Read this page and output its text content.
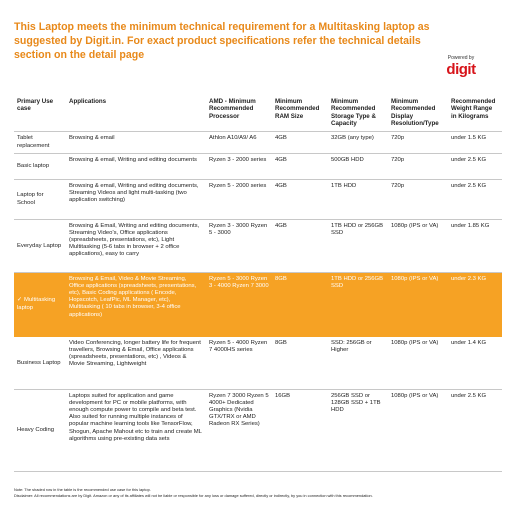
This Laptop meets the minimum technical requirement for a Multitasking laptop as suggested by Digit.in. For exact product specifications refer the technical details section on the detail page	Powered by
digit
Primary Use case	Applications	AMD - Minimum Recommended Processor	Minimum Recommended RAM Size	Minimum Recommended Storage Type & Capacity	Minimum Recommended Display Resolution/Type	Recommended Weight Range in Kilograms
Tablet replacement	Browsing & email	Athlon A10/A9/ A6	4GB	32GB (any type)	720p	under 1.5 KG
Basic laptop	Browsing & email, Writing and editing documents	Ryzen 3 - 2000 series	4GB	500GB HDD	720p	under 2.5 KG
Laptop for School	Browsing & email, Writing and editing documents, Streaming Videos and light multi-tasking (two application switching)	Ryzen 5 - 2000 series	4GB	1TB HDD	720p	under 2.5 KG
Everyday Laptop	Browsing & Email, Writing and editing documents, Streaming Video's, Office applications (spreadsheets, presentations, etc), Light Multitasking (5-6 tabs in browser + 2 office applications), easy to carry	Ryzen 3 - 3000 Ryzen 5 - 3000	4GB	1TB HDD or 256GB SSD	1080p (IPS or VA)	under 1.85 KG
✓ Multitasking laptop	Browsing & Email, Video & Movie Streaming, Office applications (spreadsheets, presentations, etc), Basic Coding applications ( Encode, Hopscotch, LeafPic, ML Manager, etc), Multitasking ( 10 tabs in browser, 3-4 office applications)	Ryzen 5 - 3000 Ryzen 3 - 4000 Ryzen 7 3000	8GB	1TB HDD or 256GB SSD	1080p (IPS or VA)	under 2.3 KG
Business Laptop	Video Conferencing, longer battery life for frequent travellers, Browsing & Email, Office applications (spreadsheets, presentations, etc) , Videos & Movie Streaming, Lightweight	Ryzen 5 - 4000 Ryzen 7 4000HS series	8GB	SSD: 256GB or Higher	1080p (IPS or VA)	under 1.4 KG
Heavy Coding	Laptops suited for application and game development for PC or mobile platforms, with enough compute power to compile and beta test. Also suited for running multiple instances of popular machine learning tools like TensorFlow, Shogun, Apache Mahout etc to train and create ML algorithms using pre-existing data sets	Ryzen 7 3000 Ryzen 5 4000+ Dedicated Graphics (Nvidia GTX/TRX or AMD Radeon RX Series)	16GB	256GB SSD or 128GB SSD + 1TB HDD	1080p (IPS or VA)	under 2.5 KG

Note: The shaded row in the table is the recommended use case for this laptop.

Disclaimer: All recommendations are by Digit. Amazon or any of its affiliates will not be liable or responsible for any loss or damage suffered, directly or indirectly, by you in connection with this recommendation.
